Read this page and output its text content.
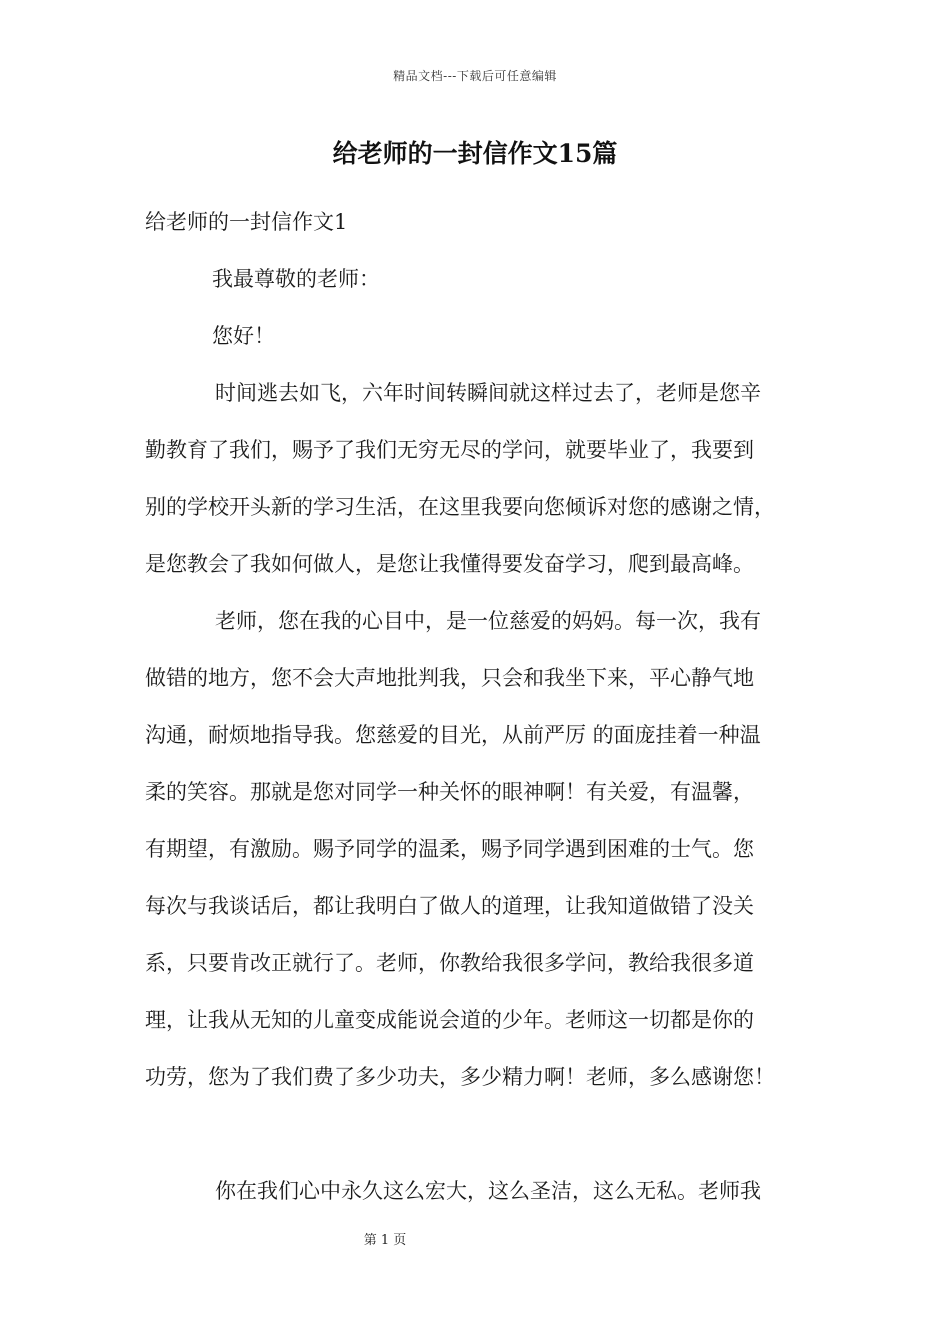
精品文档---下载后可任意编辑
给老师的一封信作文15篇
给老师的一封信作文1
我最尊敬的老师：
您好！
时间逃去如飞，六年时间转瞬间就这样过去了，老师是您辛
勤教育了我们，赐予了我们无穷无尽的学问，就要毕业了，我要到
别的学校开头新的学习生活，在这里我要向您倾诉对您的感谢之情，
是您教会了我如何做人，是您让我懂得要发奋学习，爬到最高峰。
老师，您在我的心目中，是一位慈爱的妈妈。每一次，我有
做错的地方，您不会大声地批判我，只会和我坐下来，平心静气地
沟通，耐烦地指导我。您慈爱的目光，从前严厉 的面庞挂着一种温
柔的笑容。那就是您对同学一种关怀的眼神啊！有关爱，有温馨，
有期望，有激励。赐予同学的温柔，赐予同学遇到困难的士气。您
每次与我谈话后，都让我明白了做人的道理，让我知道做错了没关
系，只要肯改正就行了。老师，你教给我很多学问，教给我很多道
理，让我从无知的儿童变成能说会道的少年。老师这一切都是你的
功劳，您为了我们费了多少功夫，多少精力啊！老师，多么感谢您！
你在我们心中永久这么宏大，这么圣洁，这么无私。老师我
第 1 页
